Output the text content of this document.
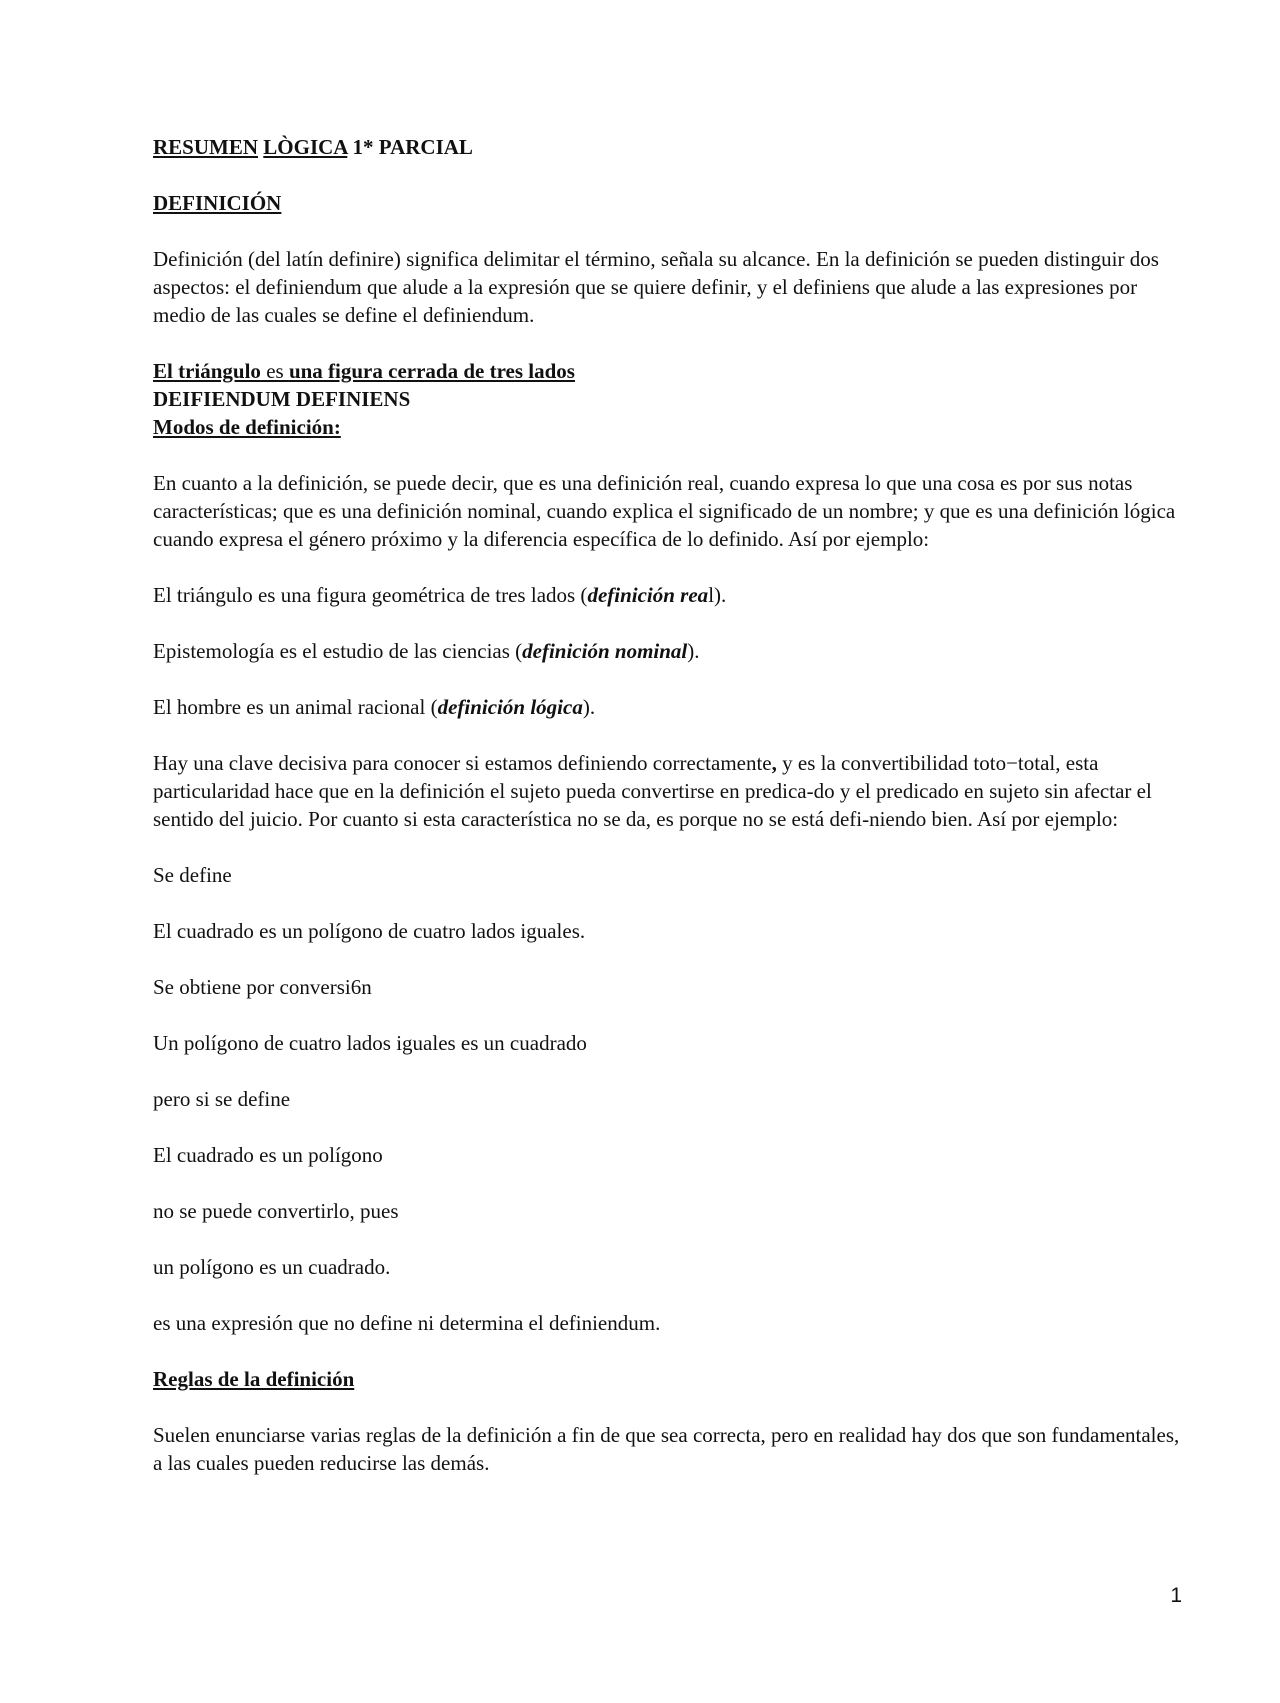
RESUMEN LÒGICA 1* PARCIAL

DEFINICIÓN

Definición (del latín definire) significa delimitar el término, señala su alcance. En la definición se pueden distinguir dos aspectos: el definiendum que alude a la expresión que se quiere definir, y el definiens que alude a las expresiones por medio de las cuales se define el definiendum.

El triángulo es una figura cerrada de tres lados

DEIFIENDUM DEFINIENS

Modos de definición:

En cuanto a la definición, se puede decir, que es una definición real, cuando expresa lo que una cosa es por sus notas características; que es una definición nominal, cuando explica el significado de un nombre; y que es una definición lógica cuando expresa el género próximo y la diferencia específica de lo definido. Así por ejemplo:

El triángulo es una figura geométrica de tres lados (definición real).

Epistemología es el estudio de las ciencias (definición nominal).

El hombre es un animal racional (definición lógica).

Hay una clave decisiva para conocer si estamos definiendo correctamente, y es la convertibilidad toto−total, esta particularidad hace que en la definición el sujeto pueda convertirse en predica-do y el predicado en sujeto sin afectar el sentido del juicio. Por cuanto si esta característica no se da, es porque no se está defi-niendo bien. Así por ejemplo:

Se define

El cuadrado es un polígono de cuatro lados iguales.

Se obtiene por conversi6n

Un polígono de cuatro lados iguales es un cuadrado

pero si se define

El cuadrado es un polígono

no se puede convertirlo, pues

un polígono es un cuadrado.

es una expresión que no define ni determina el definiendum.

Reglas de la definición

Suelen enunciarse varias reglas de la definición a fin de que sea correcta, pero en realidad hay dos que son fundamentales, a las cuales pueden reducirse las demás.

1
